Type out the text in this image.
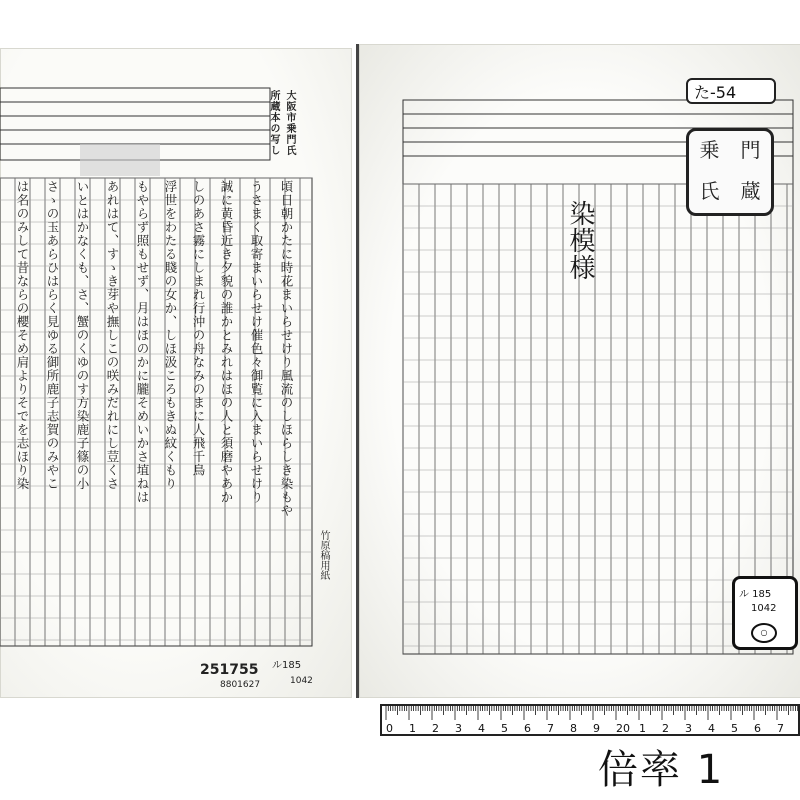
大阪市乗門氏
所蔵本の写し
頃日朝かたに時花まいらせけり風流のしほらしき染もや
うさまく取寄まいらせけ催色々御覧に入まいらせけり
誠に黄昏近き夕貌の誰かとみれはほの人と須磨やあか
しのあさ霧にしまれ行沖の舟なみのまに人飛千鳥
浮世をわたる賤の女か、しほ汲ころもきぬ紋くもり
もやらず照もせず、月はほのかに朧そめいかさ埴ねは
あれはて、すゝき芽や撫しこの咲みだれにし荳くさ
いとはかなくも、さ、蟹のくゆのす方染鹿子篠の小
さゝの玉あらひはらく見ゆる御所鹿子志賀のみやこ
は名のみして昔ならの櫻そめ肩よりそでを志ほり染
竹原稿用紙
251755
8801627
ル185
1042
た-54
乗	門
氏	蔵
染模様
ル 185
1042
○
0 1 2 3 4 5 6 7 8 9 20 1 2 3 4 5 6 7
倍率 1
